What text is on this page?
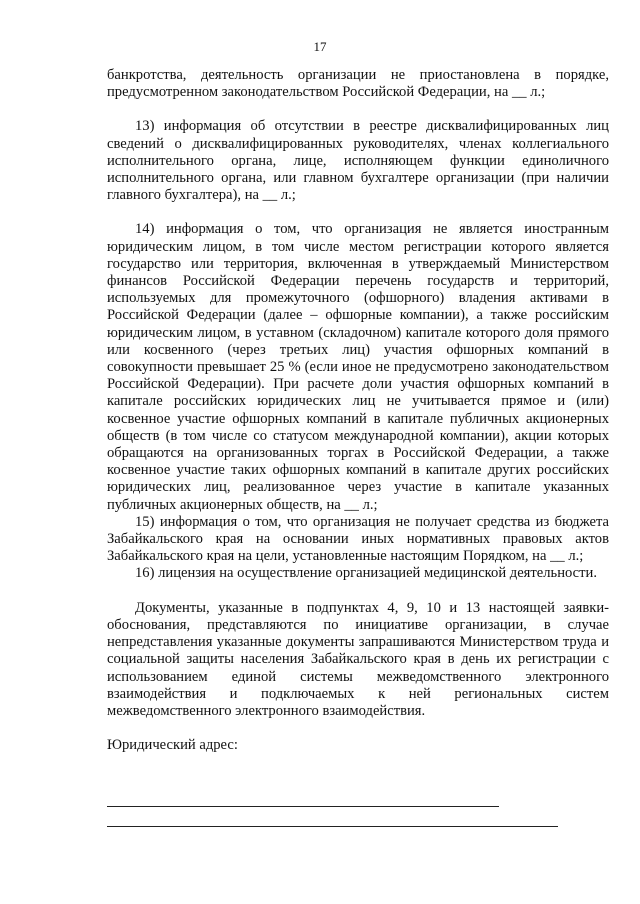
17

банкротства, деятельность организации не приостановлена в порядке, предусмотренном законодательством Российской Федерации, на __ л.;

13) информация об отсутствии в реестре дисквалифицированных лиц сведений о дисквалифицированных руководителях, членах коллегиального исполнительного органа, лице, исполняющем функции единоличного исполнительного органа, или главном бухгалтере организации (при наличии главного бухгалтера), на __ л.;

14) информация о том, что организация не является иностранным юридическим лицом, в том числе местом регистрации которого является государство или территория, включенная в утверждаемый Министерством финансов Российской Федерации перечень государств и территорий, используемых для промежуточного (офшорного) владения активами в Российской Федерации (далее – офшорные компании), а также российским юридическим лицом, в уставном (складочном) капитале которого доля прямого или косвенного (через третьих лиц) участия офшорных компаний в совокупности превышает 25 % (если иное не предусмотрено законодательством Российской Федерации). При расчете доли участия офшорных компаний в капитале российских юридических лиц не учитывается прямое и (или) косвенное участие офшорных компаний в капитале публичных акционерных обществ (в том числе со статусом международной компании), акции которых обращаются на организованных торгах в Российской Федерации, а также косвенное участие таких офшорных компаний в капитале других российских юридических лиц, реализованное через участие в капитале указанных публичных акционерных обществ, на __ л.;

15) информация о том, что организация не получает средства из бюджета Забайкальского края на основании иных нормативных правовых актов Забайкальского края на цели, установленные настоящим Порядком, на __ л.;

16) лицензия на осуществление организацией медицинской деятельности.

Документы, указанные в подпунктах 4, 9, 10 и 13 настоящей заявки-обоснования, представляются по инициативе организации, в случае непредставления указанные документы запрашиваются Министерством труда и социальной защиты населения Забайкальского края в день их регистрации с использованием единой системы межведомственного электронного взаимодействия и подключаемых к ней региональных систем межведомственного электронного взаимодействия.

Юридический адрес:
